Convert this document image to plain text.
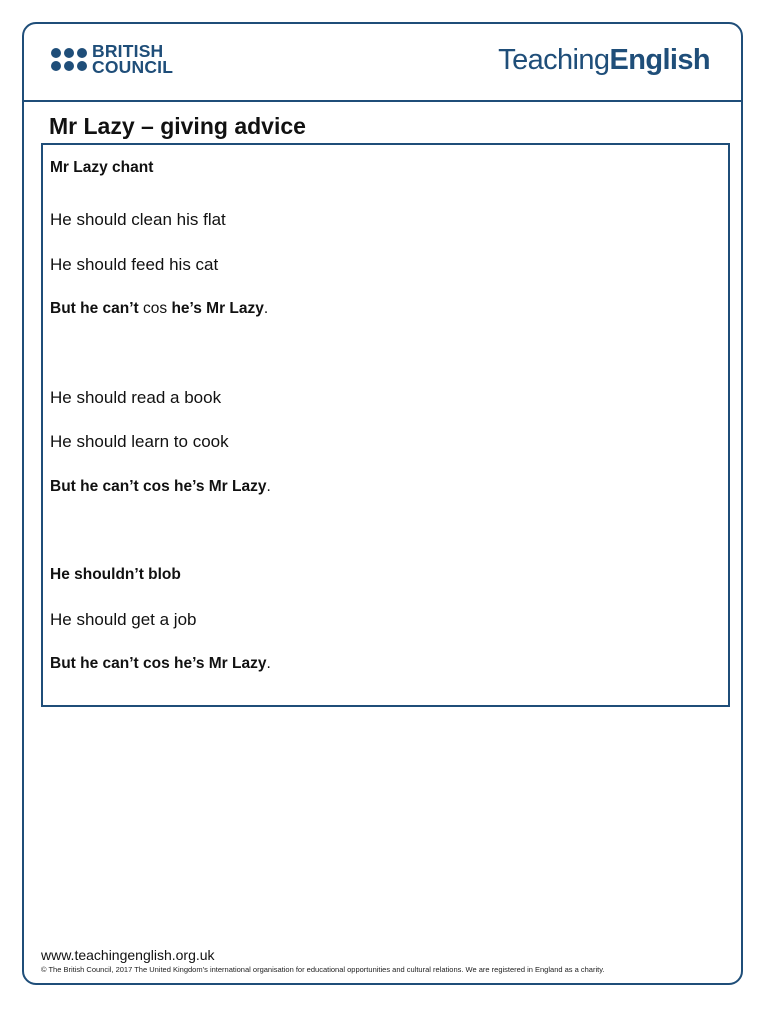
BRITISH
COUNCIL	TeachingEnglish
Mr Lazy – giving advice

Mr Lazy chant

He should clean his flat

He should feed his cat

But he can’t cos he’s Mr Lazy.

He should read a book

He should learn to cook

But he can’t cos he’s Mr Lazy.

He shouldn’t blob

He should get a job

But he can’t cos he’s Mr Lazy.

www.teachingenglish.org.uk

© The British Council, 2017 The United Kingdom’s international organisation for educational opportunities and cultural relations. We are registered in England as a charity.
